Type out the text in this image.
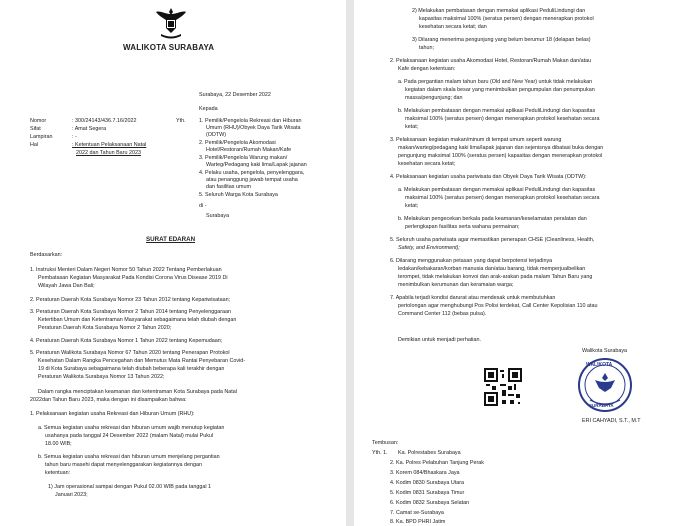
WALIKOTA SURABAYA
Surabaya, 22 Desember 2022
Kepada
Yth. 1. Pemilik/Pengelola Rekreasi dan Hiburan
Umum (RHU)/Obyek Daya Tarik Wisata
(ODTW)
2. Pemilik/Pengelola Akomodasi
Hotel/Restoran/Rumah Makan/Kafe
3. Pemilik/Pengelola Warung makan/
Warteg/Pedagang kaki lima/Lapak jajanan
4. Pelaku usaha, pengelola, penyelenggara,
atau penanggung jawab tempat usaha
dan fasilitas umum
5. Seluruh Warga Kota Surabaya
di -
Surabaya
Nomor	: 300/24143/436.7.16/2022
Sifat	: Amat Segera
Lampiran	: -
Hal	: Ketentuan Pelaksanaan Natal
2022 dan Tahun Baru 2023
SURAT EDARAN
Berdasarkan:
1. Instruksi Menteri Dalam Negeri Nomor 50 Tahun 2022 Tentang Pemberlakuan
Pembatasan Kegiatan Masyarakat Pada Kondisi Corona Virus Disease 2019 Di
Wilayah Jawa Dan Bali;
2. Peraturan Daerah Kota Surabaya Nomor 23 Tahun 2012 tentang Kepariwisataan;
3. Peraturan Daerah Kota Surabaya Nomor 2 Tahun 2014 tentang Penyelenggaraan
Ketertiban Umum dan Ketentraman Masyarakat sebagaimana telah diubah dengan
Peraturan Daerah Kota Surabaya Nomor 2 Tahun 2020;
4. Peraturan Daerah Kota Surabaya Nomor 1 Tahun 2022 tentang Kepemudaan;
5. Peraturan Walikota Surabaya Nomor 67 Tahun 2020 tentang Penerapan Protokol
Kesehatan Dalam Rangka Pencegahan dan Memutus Mata Rantai Penyebaran Covid-
19 di Kota Surabaya sebagaimana telah diubah beberapa kali terakhir dengan
Peraturan Walikota Surabaya Nomor 13 Tahun 2022;
Dalam rangka menciptakan keamanan dan ketentraman Kota Surabaya pada Natal
2022dan Tahun Baru 2023, maka dengan ini disampaikan bahwa:
1. Pelaksanaan kegiatan usaha Rekreasi dan Hiburan Umum (RHU):
a. Semua kegiatan usaha rekreasi dan hiburan umum wajib menutup kegiatan
usahanya pada tanggal 24 Desember 2022 (malam Natal) mulai Pukul
18.00 WIB;
b. Semua kegiatan usaha rekreasi dan hiburan umum menjelang pergantian
tahun baru masehi dapat menyelenggarakan kegiatannya dengan
ketentuan:
1) Jam operasional sampai dengan Pukul 02.00 WIB pada tanggal 1
Januari 2023;
2) Melakukan pembatasan dengan memakai aplikasi PeduliLindungi dan
kapasitas maksimal 100% (seratus persen) dengan menerapkan protokol
kesehatan secara ketat; dan
3) Dilarang menerima pengunjung yang belum berumur 18 (delapan belas)
tahun;
2. Pelaksanaan kegiatan usaha Akomodasi Hotel, Restoran/Rumah Makan dan/atau
Kafe dengan ketentuan:
a. Pada pergantian malam tahun baru (Old and New Year) untuk tidak melakukan
kegiatan dalam skala besar yang menimbulkan pengumpulan dan penumpukan
massa/pengunjung; dan
b. Melakukan pembatasan dengan memakai aplikasi PeduliLindungi dan kapasitas
maksimal 100% (seratus persen) dengan menerapkan protokol kesehatan secara
ketat;
3. Pelaksanaan kegiatan makan/minum di tempat umum seperti warung
makan/warteg/pedagang kaki lima/lapak jajanan dan sejenisnya dibatasi buka dengan
pengunjung maksimal 100% (seratus persen) kapasitas dengan menerapkan protokol
kesehatan secara ketat;
4. Pelaksanaan kegiatan usaha pariwisata dan Obyek Daya Tarik Wisata (ODTW):
a. Melakukan pembatasan dengan memakai aplikasi PeduliLindungi dan kapasitas
maksimal 100% (seratus persen) dengan menerapkan protokol kesehatan secara
ketat;
b. Melakukan pengecekan berkala pada keamanan/keselamatan peralatan dan
perlengkapan fasilitas serta wahana permainan;
5. Seluruh usaha pariwisata agar memastikan penerapan CHSE (Cleanliness, Health,
Safety, and Environment);
6. Dilarang menggunakan petasan yang dapat berpotensi terjadinya
ledakan/kebakaran/korban manusia dan/atau barang, tidak memperjualbelikan
terompet, tidak melakukan konvoi dan arak-arakan pada malam Tahun Baru yang
menimbulkan kerumunan dan keramaian warga;
7. Apabila terjadi kondisi darurat atau mendesak untuk membutuhkan
pertolongan agar menghubungi Pos Polisi terdekat, Call Center Kepolisian 110 atau
Command Center 112 (bebas pulsa).
Demikian untuk menjadi perhatian.
Walikota Surabaya
WALIKOTA
SURABAYA
ERI CAHYADI, S.T., M.T
Tembusan:
Yth. 1. Ka. Polrestabes Surabaya
2. Ka. Polres Pelabuhan Tanjung Perak
3. Korem 084/Bhaskara Jaya
4. Kodim 0830 Surabaya Utara
5. Kodim 0831 Surabaya Timur
6. Kodim 0832 Surabaya Selatan
7. Camat se-Surabaya
8. Ka. BPD PHRI Jatim
